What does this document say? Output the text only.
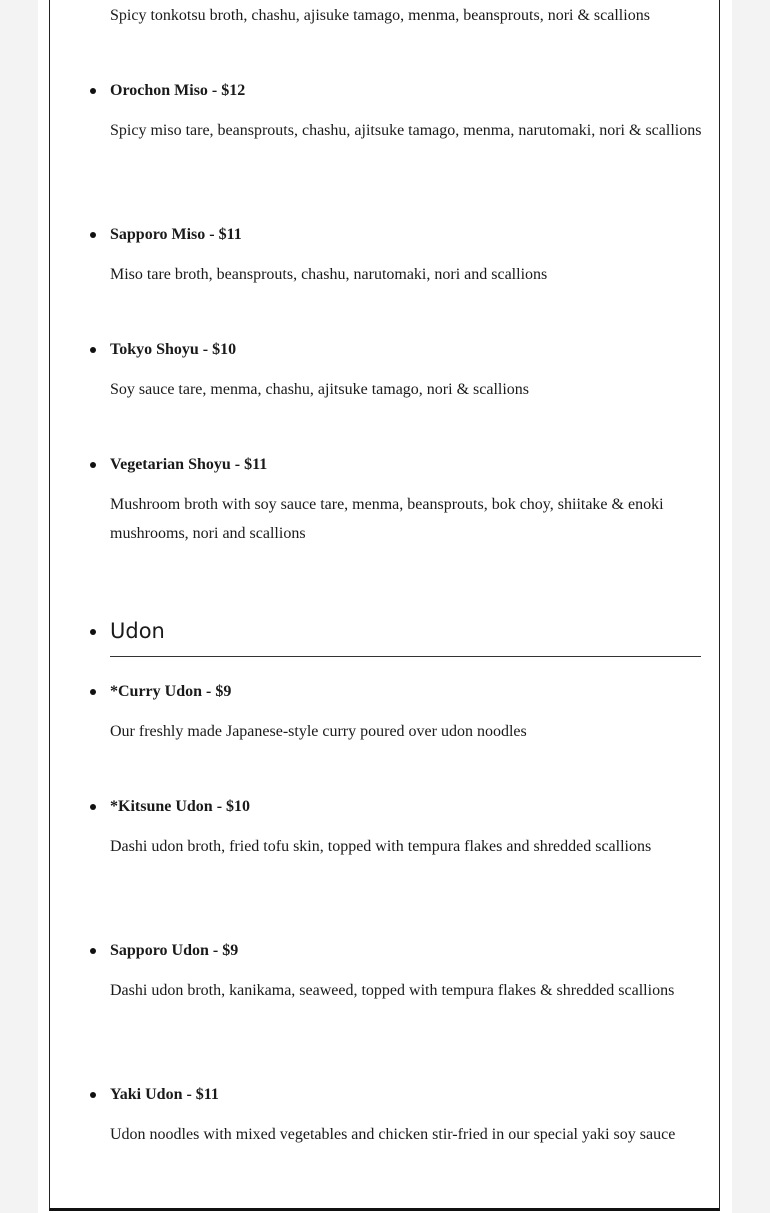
Spicy tonkotsu broth, chashu, ajisuke tamago, menma, beansprouts, nori & scallions

Orochon Miso - $12

Spicy miso tare, beansprouts, chashu, ajitsuke tamago, menma, narutomaki, nori & scallions

Sapporo Miso - $11

Miso tare broth, beansprouts, chashu, narutomaki, nori and scallions

Tokyo Shoyu - $10

Soy sauce tare, menma, chashu, ajitsuke tamago, nori & scallions

Vegetarian Shoyu - $11

Mushroom broth with soy sauce tare, menma, beansprouts, bok choy, shiitake & enoki mushrooms, nori and scallions

Udon

*Curry Udon - $9

Our freshly made Japanese-style curry poured over udon noodles

*Kitsune Udon - $10

Dashi udon broth, fried tofu skin, topped with tempura flakes and shredded scallions

Sapporo Udon - $9

Dashi udon broth, kanikama, seaweed, topped with tempura flakes & shredded scallions

Yaki Udon - $11

Udon noodles with mixed vegetables and chicken stir-fried in our special yaki soy sauce
